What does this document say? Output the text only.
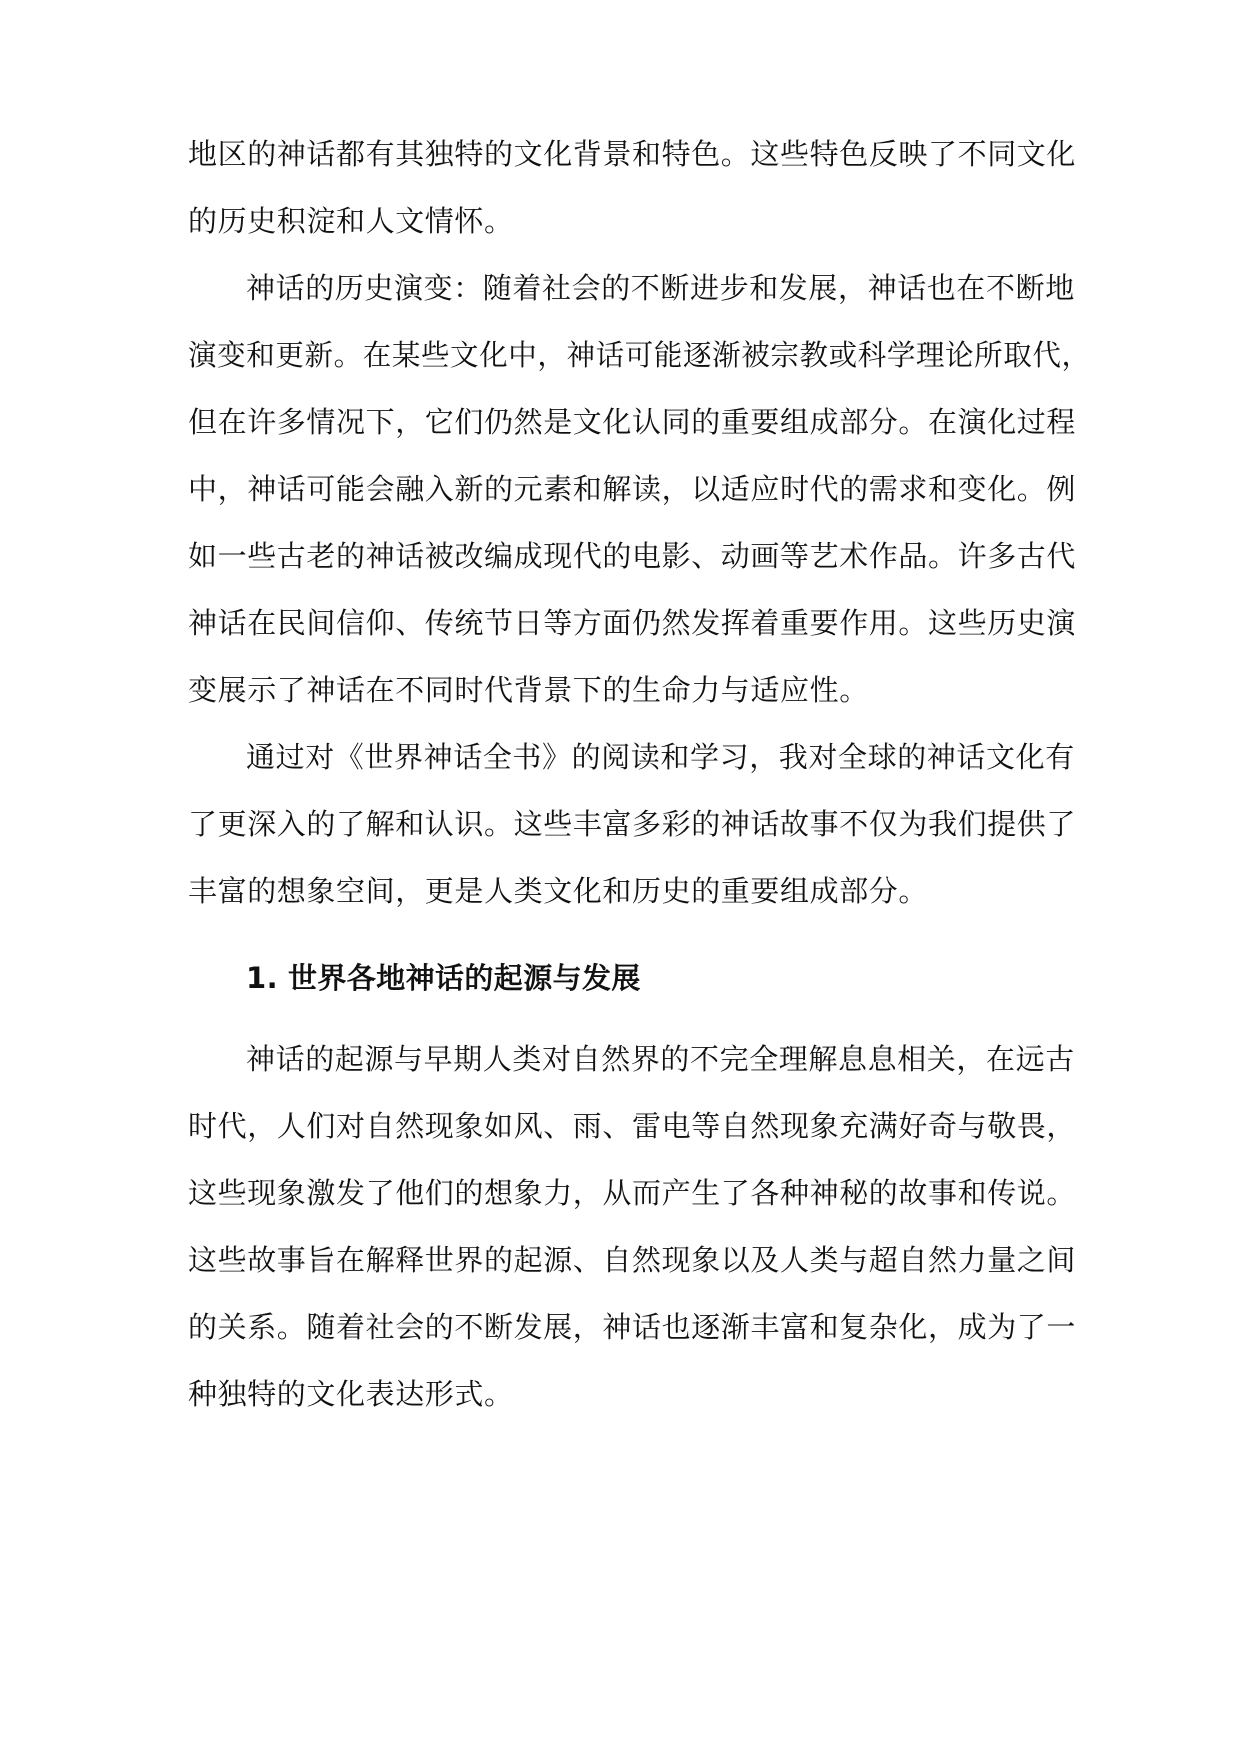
地区的神话都有其独特的文化背景和特色。这些特色反映了不同文化
的历史积淀和人文情怀。
神话的历史演变：随着社会的不断进步和发展，神话也在不断地
演变和更新。在某些文化中，神话可能逐渐被宗教或科学理论所取代，
但在许多情况下，它们仍然是文化认同的重要组成部分。在演化过程
中，神话可能会融入新的元素和解读，以适应时代的需求和变化。例
如一些古老的神话被改编成现代的电影、动画等艺术作品。许多古代
神话在民间信仰、传统节日等方面仍然发挥着重要作用。这些历史演
变展示了神话在不同时代背景下的生命力与适应性。
通过对《世界神话全书》的阅读和学习，我对全球的神话文化有
了更深入的了解和认识。这些丰富多彩的神话故事不仅为我们提供了
丰富的想象空间，更是人类文化和历史的重要组成部分。
1. 世界各地神话的起源与发展
神话的起源与早期人类对自然界的不完全理解息息相关，在远古
时代，人们对自然现象如风、雨、雷电等自然现象充满好奇与敬畏，
这些现象激发了他们的想象力，从而产生了各种神秘的故事和传说。
这些故事旨在解释世界的起源、自然现象以及人类与超自然力量之间
的关系。随着社会的不断发展，神话也逐渐丰富和复杂化，成为了一
种独特的文化表达形式。
